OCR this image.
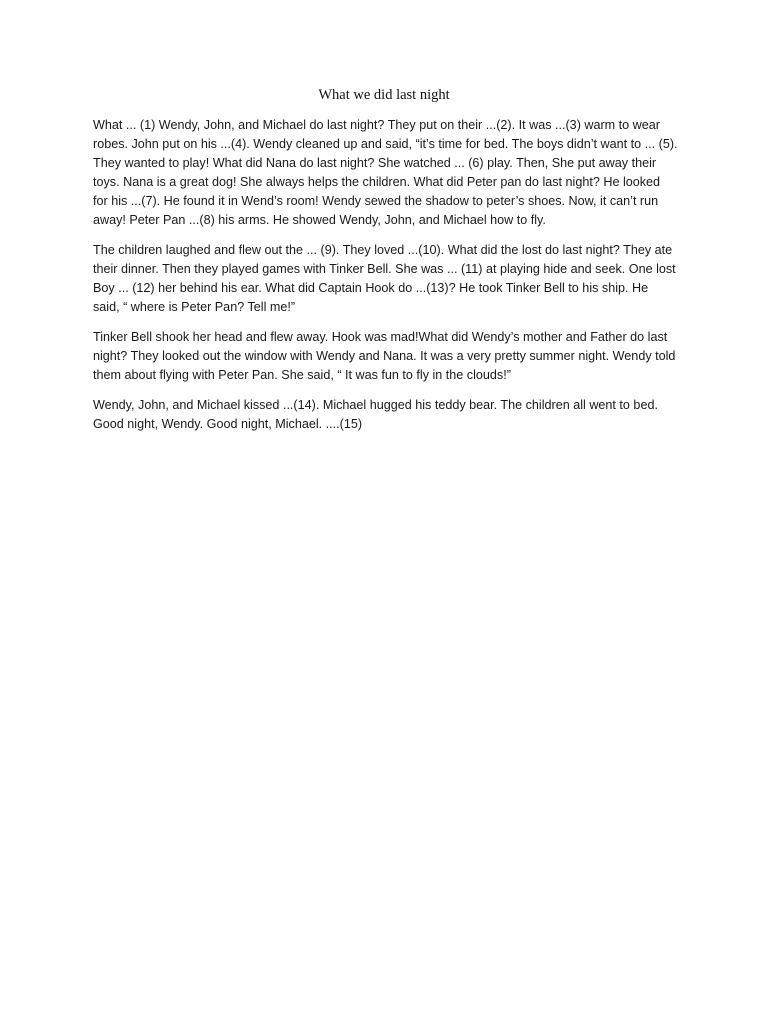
What we did last night

What ... (1) Wendy, John, and Michael do last night? They put on their ...(2). It was ...(3) warm to wear robes. John put on his ...(4). Wendy cleaned up and said, “it’s time for bed. The boys didn’t want to ... (5). They wanted to play! What did Nana do last night? She watched ... (6) play. Then, She put away their toys. Nana is a great dog! She always helps the children. What did Peter pan do last night? He looked for his ...(7). He found it in Wend’s room! Wendy sewed the shadow to peter’s shoes. Now, it can’t run away! Peter Pan ...(8) his arms. He showed Wendy, John, and Michael how to fly.

The children laughed and flew out the ... (9). They loved ...(10). What did the lost do last night? They ate their dinner. Then they played games with Tinker Bell. She was ... (11) at playing hide and seek. One lost Boy ... (12) her behind his ear. What did Captain Hook do ...(13)? He took Tinker Bell to his ship. He said, “ where is Peter Pan? Tell me!”

Tinker Bell shook her head and flew away. Hook was mad!What did Wendy’s mother and Father do last night? They looked out the window with Wendy and Nana. It was a very pretty summer night. Wendy told them about flying with Peter Pan. She said, “ It was fun to fly in the clouds!”

Wendy, John, and Michael kissed ...(14). Michael hugged his teddy bear. The children all went to bed. Good night, Wendy. Good night, Michael. ....(15)
